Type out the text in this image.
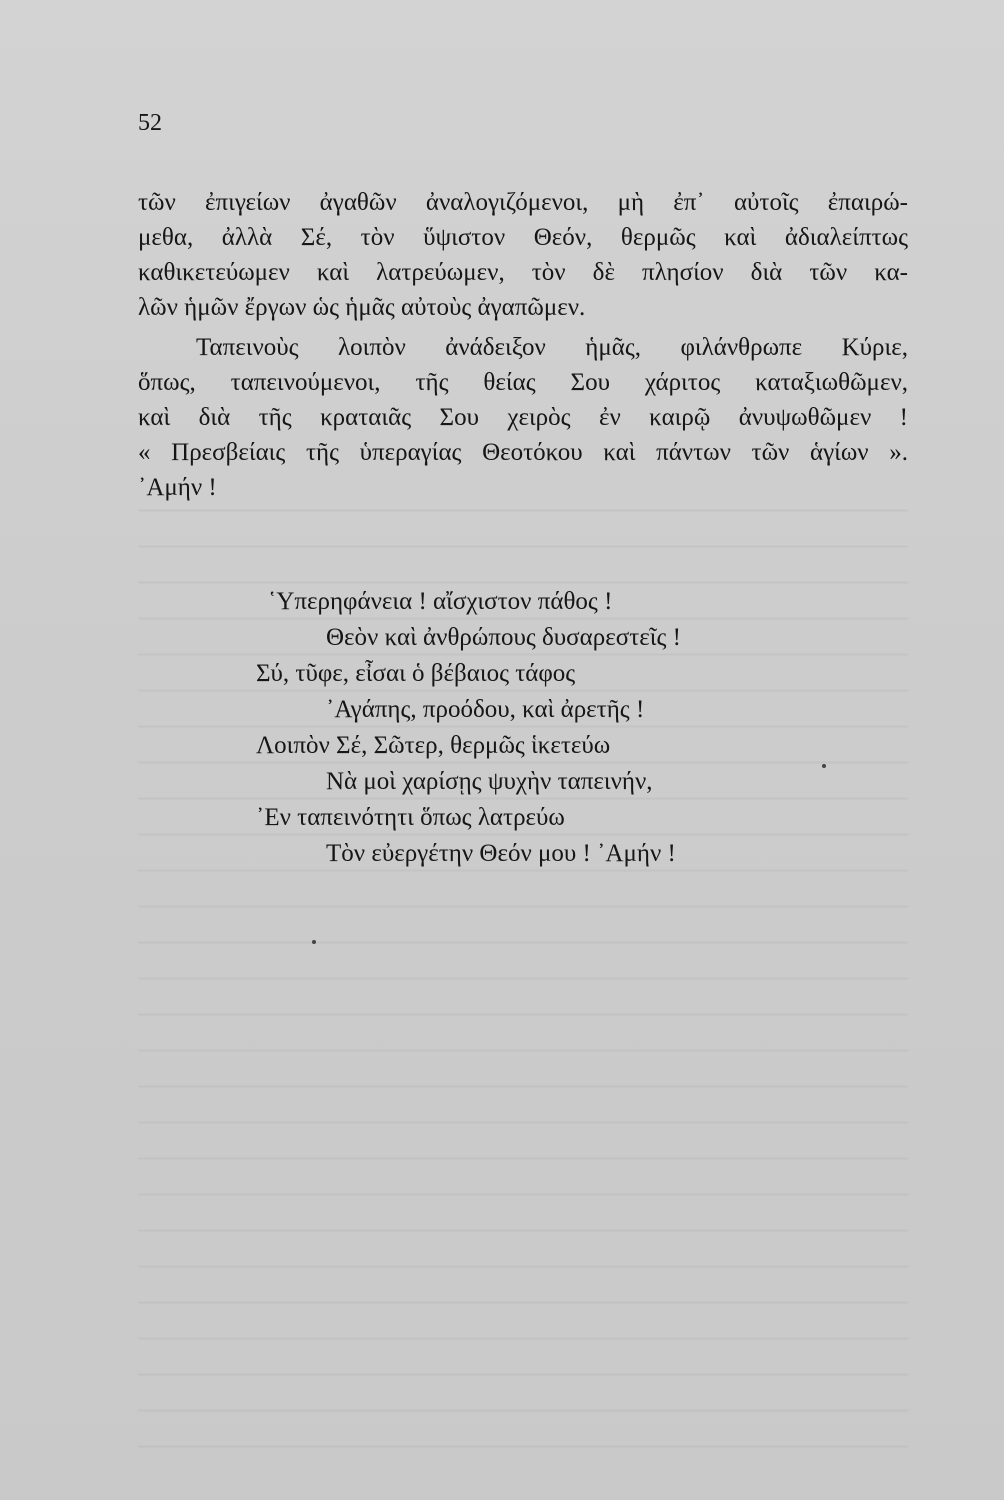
52
τῶν ἐπιγείων ἀγαθῶν ἀναλογιζόμενοι, μὴ ἐπ᾽ αὐτοῖς ἐπαιρώ-
μεθα, ἀλλὰ Σέ, τὸν ὕψιστον Θεόν, θερμῶς καὶ ἀδιαλείπτως
καθικετεύωμεν καὶ λατρεύωμεν, τὸν δὲ πλησίον διὰ τῶν κα-
λῶν ἡμῶν ἔργων ὡς ἡμᾶς αὐτοὺς ἀγαπῶμεν.
Ταπεινοὺς λοιπὸν ἀνάδειξον ἡμᾶς, φιλάνθρωπε Κύριε,
ὅπως, ταπεινούμενοι, τῆς θείας Σου χάριτος καταξιωθῶμεν,
καὶ διὰ τῆς κραταιᾶς Σου χειρὸς ἐν καιρῷ ἀνυψωθῶμεν !
« Πρεσβείαις τῆς ὑπεραγίας Θεοτόκου καὶ πάντων τῶν ἁγίων ».
᾽Αμήν !
῾Υπερηφάνεια ! αἴσχιστον πάθος !
Θεὸν καὶ ἀνθρώπους δυσαρεστεῖς !
Σύ, τῦφε, εἶσαι ὁ βέβαιος τάφος
᾽Αγάπης, προόδου, καὶ ἀρετῆς !
Λοιπὸν Σέ, Σῶτερ, θερμῶς ἱκετεύω
Νὰ μοὶ χαρίσῃς ψυχὴν ταπεινήν,
᾽Εν ταπεινότητι ὅπως λατρεύω
Τὸν εὐεργέτην Θεόν μου ! ᾽Αμήν !
